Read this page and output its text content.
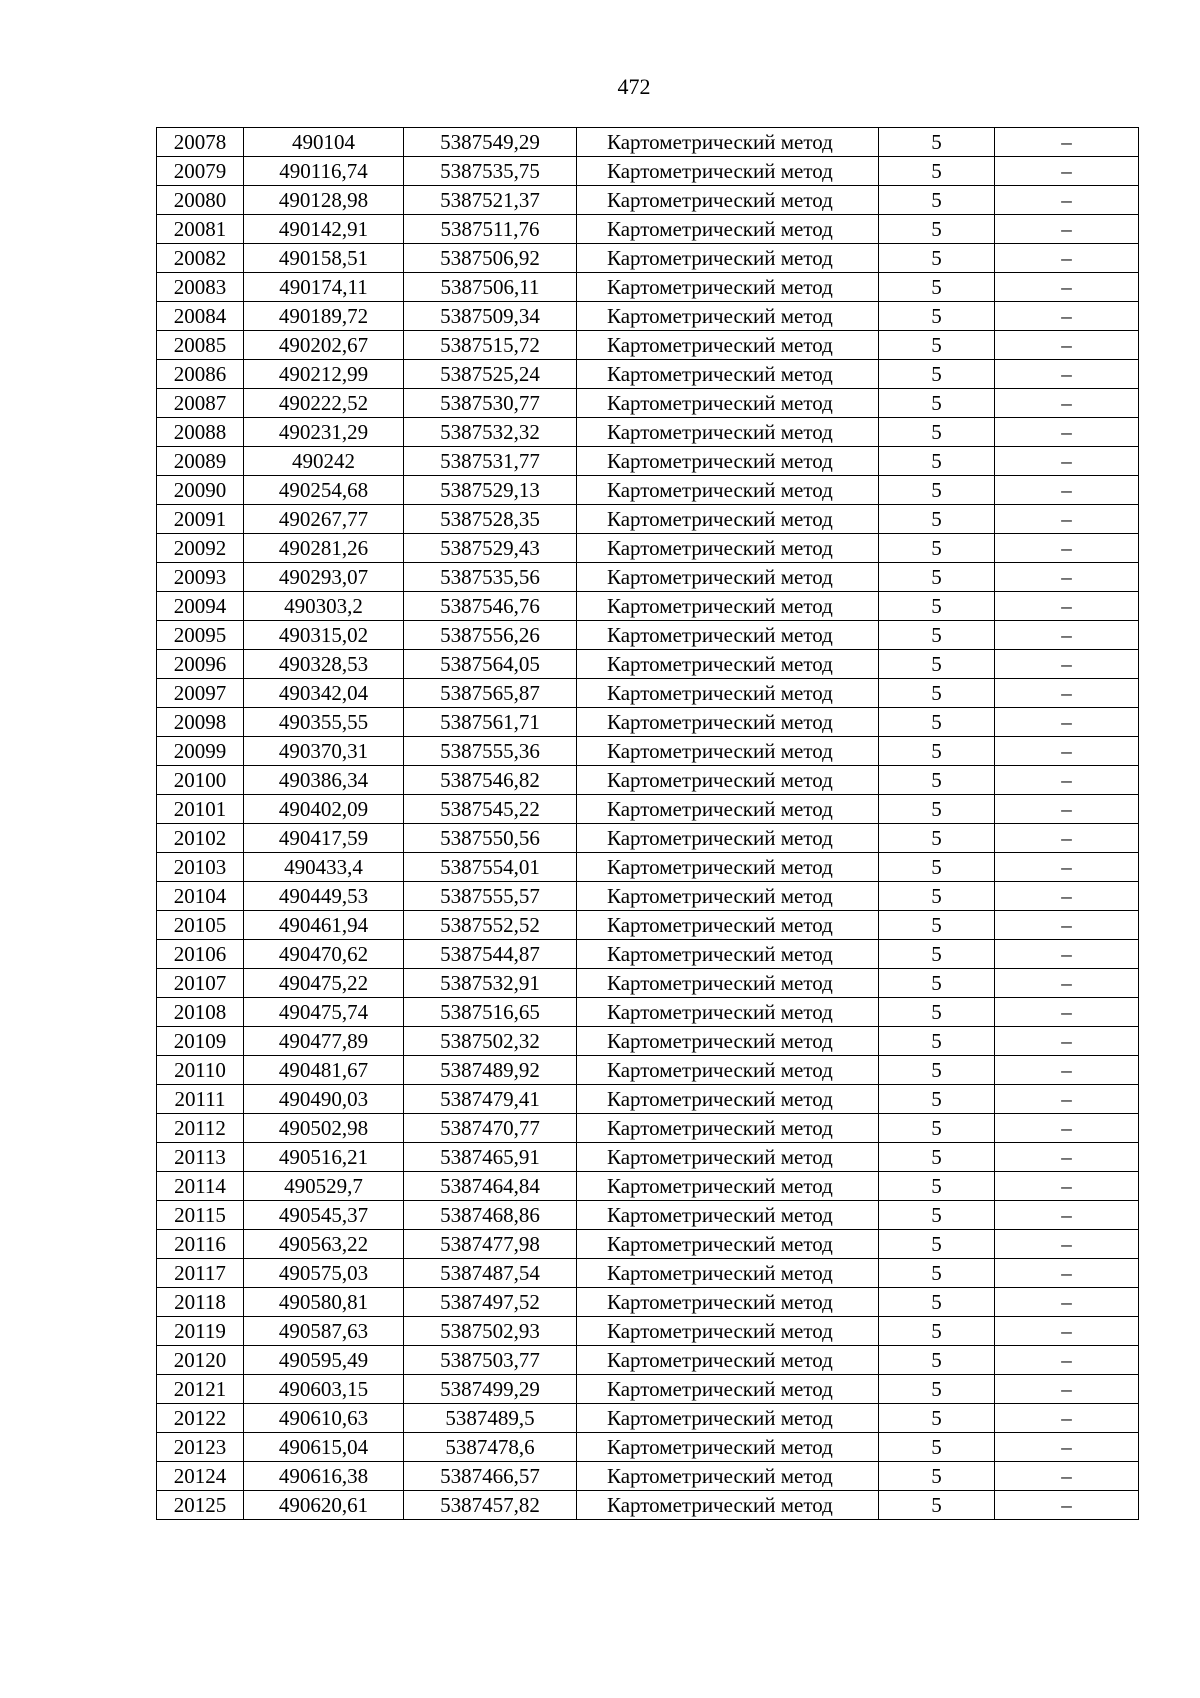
472
20078	490104	5387549,29	Картометрический метод	5	–
20079	490116,74	5387535,75	Картометрический метод	5	–
20080	490128,98	5387521,37	Картометрический метод	5	–
20081	490142,91	5387511,76	Картометрический метод	5	–
20082	490158,51	5387506,92	Картометрический метод	5	–
20083	490174,11	5387506,11	Картометрический метод	5	–
20084	490189,72	5387509,34	Картометрический метод	5	–
20085	490202,67	5387515,72	Картометрический метод	5	–
20086	490212,99	5387525,24	Картометрический метод	5	–
20087	490222,52	5387530,77	Картометрический метод	5	–
20088	490231,29	5387532,32	Картометрический метод	5	–
20089	490242	5387531,77	Картометрический метод	5	–
20090	490254,68	5387529,13	Картометрический метод	5	–
20091	490267,77	5387528,35	Картометрический метод	5	–
20092	490281,26	5387529,43	Картометрический метод	5	–
20093	490293,07	5387535,56	Картометрический метод	5	–
20094	490303,2	5387546,76	Картометрический метод	5	–
20095	490315,02	5387556,26	Картометрический метод	5	–
20096	490328,53	5387564,05	Картометрический метод	5	–
20097	490342,04	5387565,87	Картометрический метод	5	–
20098	490355,55	5387561,71	Картометрический метод	5	–
20099	490370,31	5387555,36	Картометрический метод	5	–
20100	490386,34	5387546,82	Картометрический метод	5	–
20101	490402,09	5387545,22	Картометрический метод	5	–
20102	490417,59	5387550,56	Картометрический метод	5	–
20103	490433,4	5387554,01	Картометрический метод	5	–
20104	490449,53	5387555,57	Картометрический метод	5	–
20105	490461,94	5387552,52	Картометрический метод	5	–
20106	490470,62	5387544,87	Картометрический метод	5	–
20107	490475,22	5387532,91	Картометрический метод	5	–
20108	490475,74	5387516,65	Картометрический метод	5	–
20109	490477,89	5387502,32	Картометрический метод	5	–
20110	490481,67	5387489,92	Картометрический метод	5	–
20111	490490,03	5387479,41	Картометрический метод	5	–
20112	490502,98	5387470,77	Картометрический метод	5	–
20113	490516,21	5387465,91	Картометрический метод	5	–
20114	490529,7	5387464,84	Картометрический метод	5	–
20115	490545,37	5387468,86	Картометрический метод	5	–
20116	490563,22	5387477,98	Картометрический метод	5	–
20117	490575,03	5387487,54	Картометрический метод	5	–
20118	490580,81	5387497,52	Картометрический метод	5	–
20119	490587,63	5387502,93	Картометрический метод	5	–
20120	490595,49	5387503,77	Картометрический метод	5	–
20121	490603,15	5387499,29	Картометрический метод	5	–
20122	490610,63	5387489,5	Картометрический метод	5	–
20123	490615,04	5387478,6	Картометрический метод	5	–
20124	490616,38	5387466,57	Картометрический метод	5	–
20125	490620,61	5387457,82	Картометрический метод	5	–
